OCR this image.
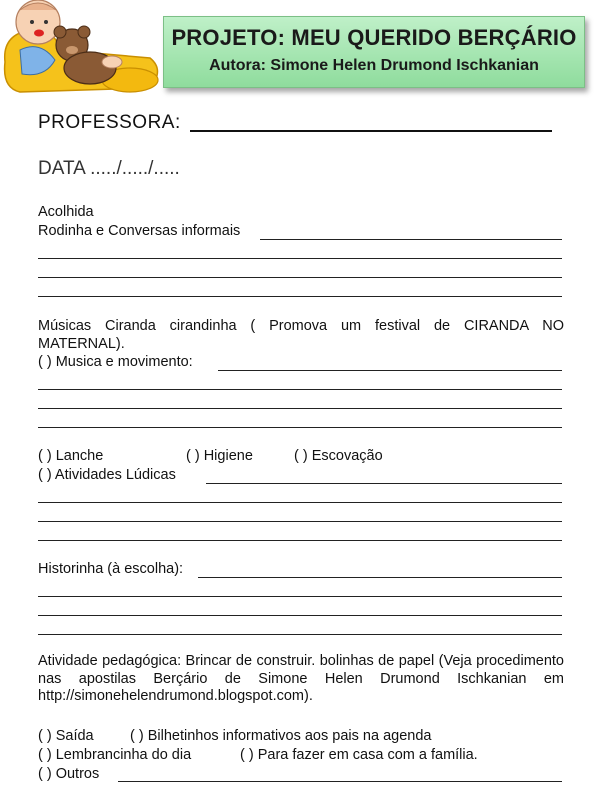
PROJETO: MEU QUERIDO BERÇÁRIO
Autora: Simone Helen Drumond Ischkanian
PROFESSORA:
DATA ...../...../.....
Acolhida
Rodinha e Conversas informais
Músicas Ciranda cirandinha ( Promova um festival de CIRANDA NO MATERNAL).
( ) Musica e movimento:
( ) Lanche	( ) Higiene	( ) Escovação
( ) Atividades Lúdicas
Historinha (à escolha):
Atividade pedagógica: Brincar de construir. bolinhas de papel (Veja procedimento nas apostilas Berçário de Simone Helen Drumond Ischkanian em http://simonehelendrumond.blogspot.com).
( ) Saída	( ) Bilhetinhos informativos aos pais na agenda
( ) Lembrancinha do dia	( ) Para fazer em casa com a família.
( ) Outros
